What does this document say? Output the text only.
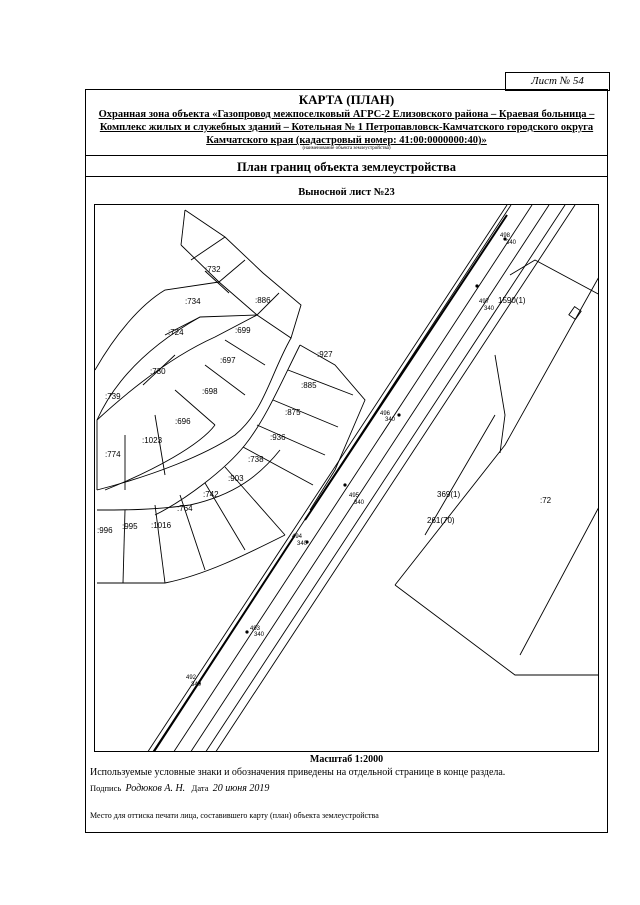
Лист № 54
КАРТА (ПЛАН)
Охранная зона объекта «Газопровод межпоселковый АГРС-2 Елизовского района – Краевая больница – Комплекс жилых и служебных зданий – Котельная № 1 Петропавловск-Камчатского городского округа Камчатского края (кадастровый номер: 41:00:0000000:40)»
(наименование объекта землеустройства)
План границ объекта землеустройства
Выносной лист №23
:732
:886
:734
:699
:724
:697
:730
:698
:739
:696
:1023
:774
:927
:885
:875
:936
:738
:903
:742
:764
:1016
:995
:996
:72
1590(1)
369(1)
261(70)
498
340
497
340
496
340
495
340
494
340
493
340
492
340
Масштаб 1:2000
Используемые условные знаки и обозначения приведены на отдельной странице в конце раздела.
Подпись Родюков А. Н. Дата 20 июня 2019
Место для оттиска печати лица, составившего карту (план) объекта землеустройства
